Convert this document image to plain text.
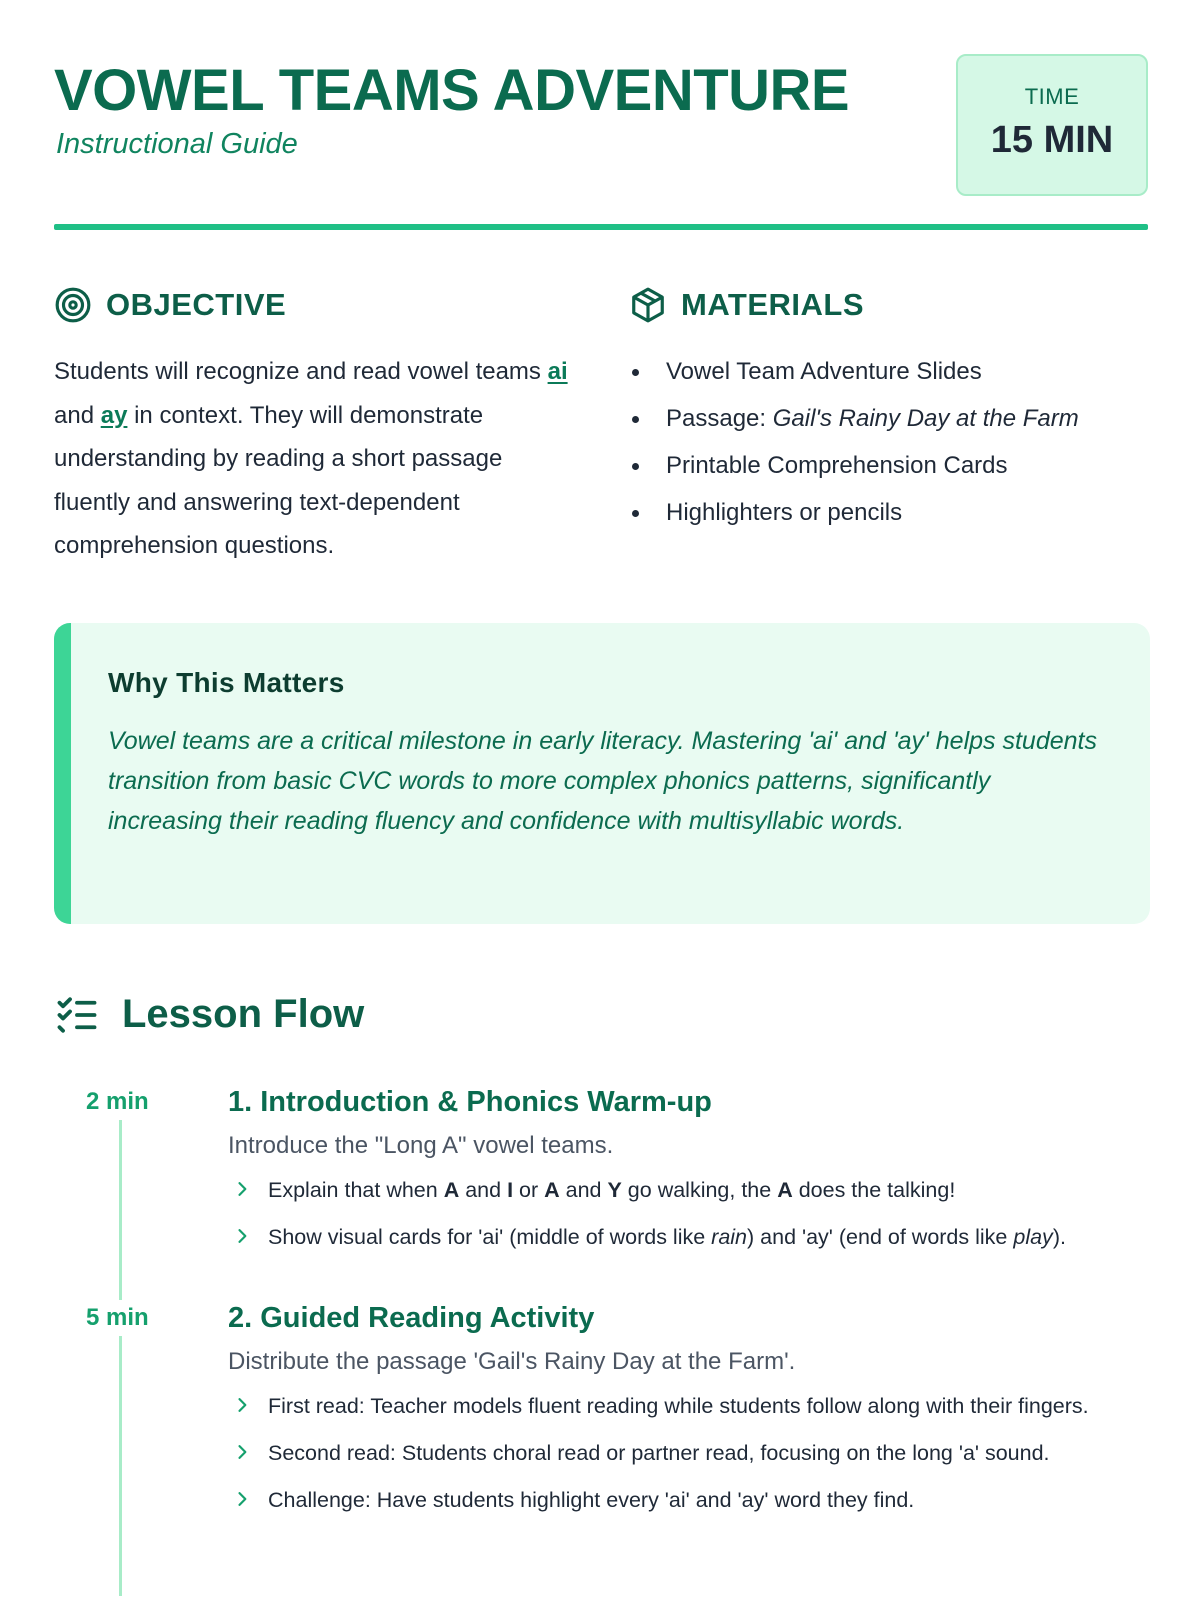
VOWEL TEAMS ADVENTURE
Instructional Guide
TIME
15 MIN
OBJECTIVE

Students will recognize and read vowel teams ai and ay in context. They will demonstrate understanding by reading a short passage fluently and answering text-dependent comprehension questions.

MATERIALS
Vowel Team Adventure Slides
Passage: Gail's Rainy Day at the Farm
Printable Comprehension Cards
Highlighters or pencils
Why This Matters

Vowel teams are a critical milestone in early literacy. Mastering 'ai' and 'ay' helps students transition from basic CVC words to more complex phonics patterns, significantly increasing their reading fluency and confidence with multisyllabic words.

Lesson Flow
2 min	1. Introduction & Phonics Warm-up
Introduce the "Long A" vowel teams.
Explain that when A and I or A and Y go walking, the A does the talking!
Show visual cards for 'ai' (middle of words like rain) and 'ay' (end of words like play).
5 min	2. Guided Reading Activity
Distribute the passage 'Gail's Rainy Day at the Farm'.
First read: Teacher models fluent reading while students follow along with their fingers.
Second read: Students choral read or partner read, focusing on the long 'a' sound.
Challenge: Have students highlight every 'ai' and 'ay' word they find.
